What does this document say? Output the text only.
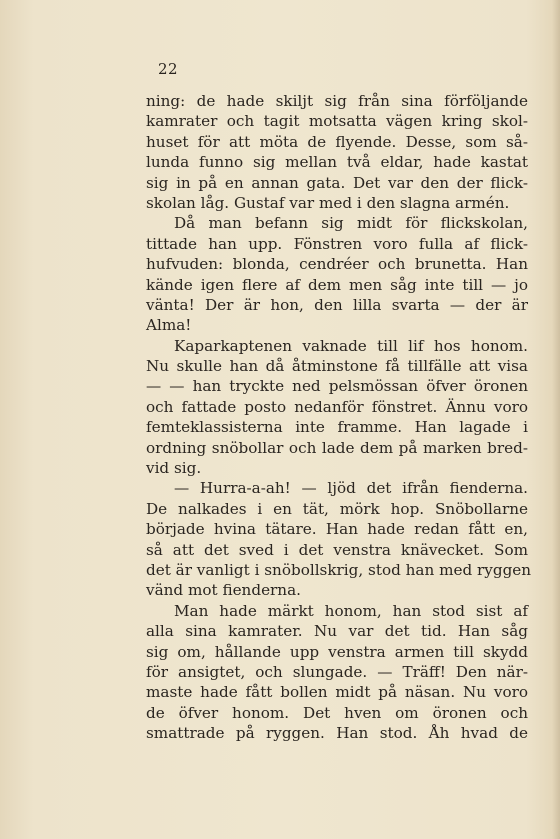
22
ning: de hade skiljt sig från sina förföljande
kamrater och tagit motsatta vägen kring skol-
huset för att möta de flyende. Desse, som så-
lunda funno sig mellan två eldar, hade kastat
sig in på en annan gata. Det var den der flick-
skolan låg. Gustaf var med i den slagna armén.
Då man befann sig midt för flickskolan,
tittade han upp. Fönstren voro fulla af flick-
hufvuden: blonda, cendréer och brunetta. Han
kände igen flere af dem men såg inte till — jo
vänta! Der är hon, den lilla svarta — der är
Alma!
Kaparkaptenen vaknade till lif hos honom.
Nu skulle han då åtminstone få tillfälle att visa
— — han tryckte ned pelsmössan öfver öronen
och fattade posto nedanför fönstret. Ännu voro
femteklassisterna inte framme. Han lagade i
ordning snöbollar och lade dem på marken bred-
vid sig.
— Hurra-a-ah! — ljöd det ifrån fienderna.
De nalkades i en tät, mörk hop. Snöbollarne
började hvina tätare. Han hade redan fått en,
så att det sved i det venstra knävecket. Som
det är vanligt i snöbollskrig, stod han med ryggen
vänd mot fienderna.
Man hade märkt honom, han stod sist af
alla sina kamrater. Nu var det tid. Han såg
sig om, hållande upp venstra armen till skydd
för ansigtet, och slungade. — Träff! Den när-
maste hade fått bollen midt på näsan. Nu voro
de öfver honom. Det hven om öronen och
smattrade på ryggen. Han stod. Åh hvad de
